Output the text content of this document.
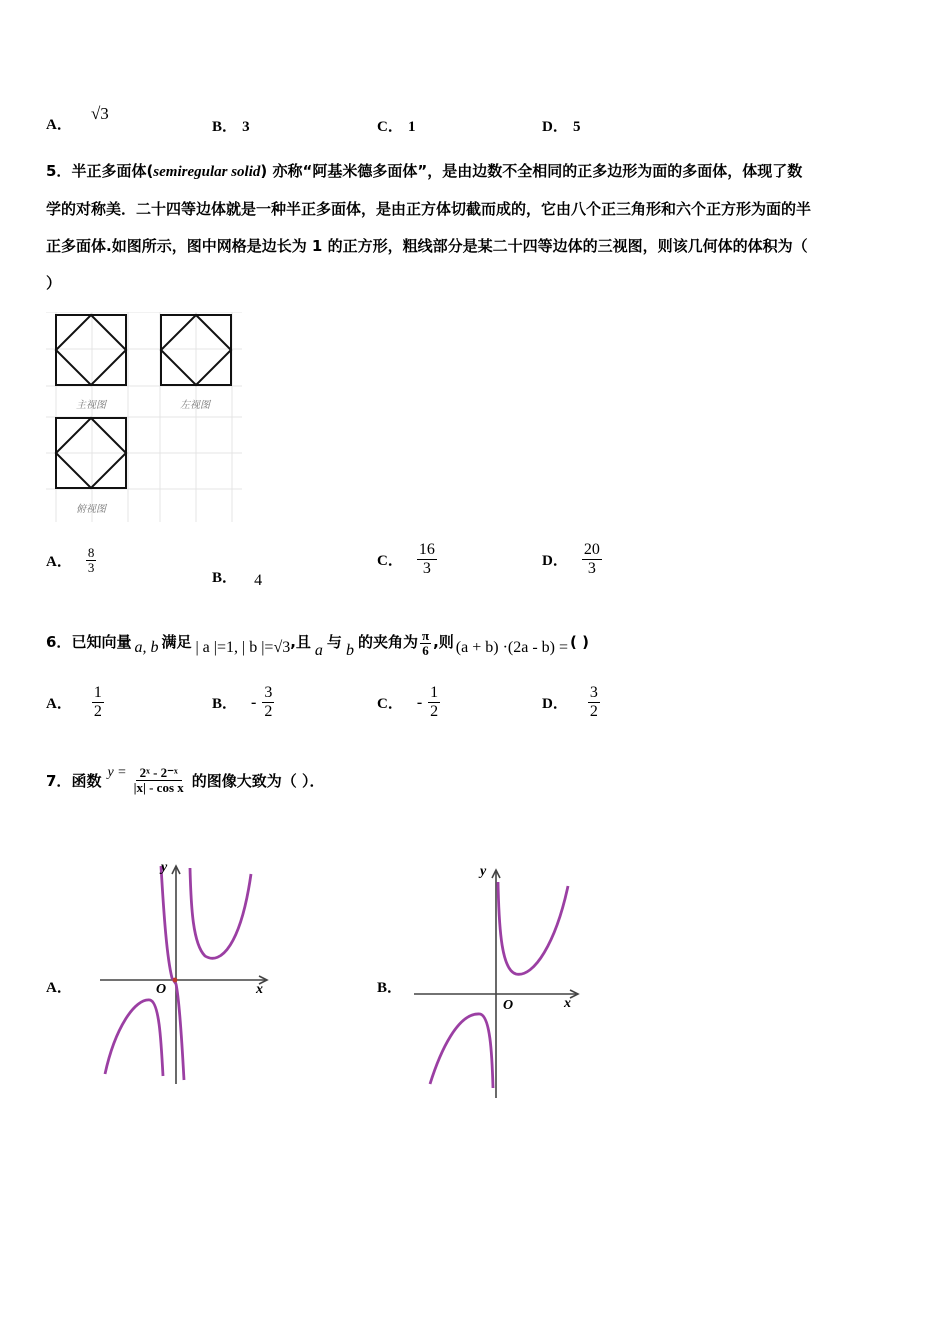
A． √3
B． 3	C． 1	D． 5
5．半正多面体(semiregular solid) 亦称“阿基米德多面体”，是由边数不全相同的正多边形为面的多面体，体现了数
学的对称美．二十四等边体就是一种半正多面体，是由正方体切截而成的，它由八个正三角形和六个正方形为面的半
正多面体.如图所示，图中网格是边长为 1 的正方形，粗线部分是某二十四等边体的三视图，则该几何体的体积为（
）
主视图	左视图
俯视图
A． $\frac{8}{3}$
B． 4
C． $\frac{16}{3}$	D． $\frac{20}{3}$
6． 已知向量 a, b 满足 | a |=1, | b |= √3 ,且 a 与 b 的夹角为 $\frac{\pi}{6}$ ,则 (a + b) ·(2a - b) = ( )
A． $\frac{1}{2}$	B． - $\frac{3}{2}$	C． - $\frac{1}{2}$	D． $\frac{3}{2}$
7． 函数 $y = \frac{\text{2ˣ - 2⁻ˣ}}{\text{|x| - cos x}}$ 的图像大致为（ ）．
A．
y
x
O	B．
y
x
O
